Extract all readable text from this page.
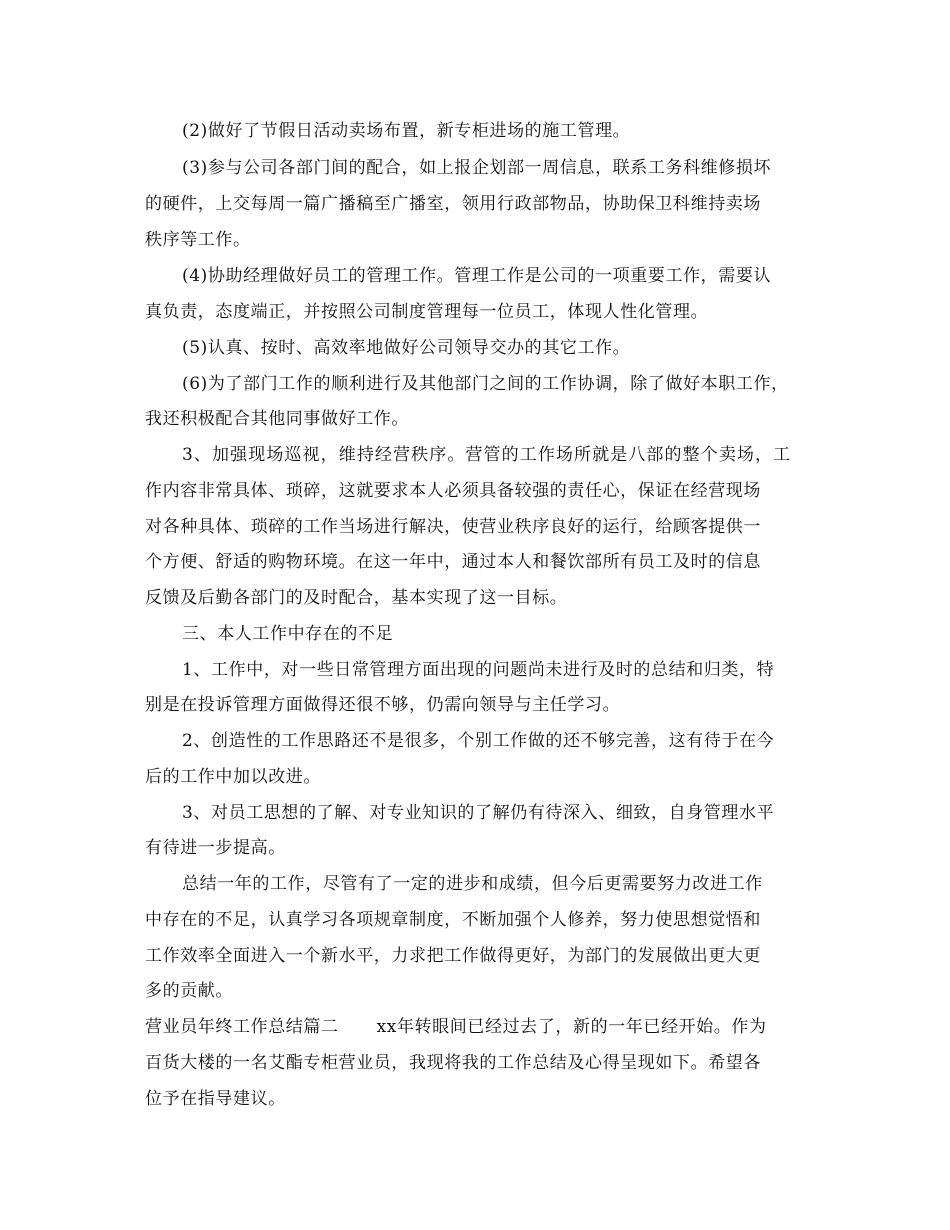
(2)做好了节假日活动卖场布置，新专柜进场的施工管理。
(3)参与公司各部门间的配合，如上报企划部一周信息，联系工务科维修损坏
的硬件，上交每周一篇广播稿至广播室，领用行政部物品，协助保卫科维持卖场
秩序等工作。
(4)协助经理做好员工的管理工作。管理工作是公司的一项重要工作，需要认
真负责，态度端正，并按照公司制度管理每一位员工，体现人性化管理。
(5)认真、按时、高效率地做好公司领导交办的其它工作。
(6)为了部门工作的顺利进行及其他部门之间的工作协调，除了做好本职工作，
我还积极配合其他同事做好工作。
3、加强现场巡视，维持经营秩序。营管的工作场所就是八部的整个卖场，工
作内容非常具体、琐碎，这就要求本人必须具备较强的责任心，保证在经营现场
对各种具体、琐碎的工作当场进行解决，使营业秩序良好的运行，给顾客提供一
个方便、舒适的购物环境。在这一年中，通过本人和餐饮部所有员工及时的信息
反馈及后勤各部门的及时配合，基本实现了这一目标。
三、本人工作中存在的不足
1、工作中，对一些日常管理方面出现的问题尚未进行及时的总结和归类，特
别是在投诉管理方面做得还很不够，仍需向领导与主任学习。
2、创造性的工作思路还不是很多，个别工作做的还不够完善，这有待于在今
后的工作中加以改进。
3、对员工思想的了解、对专业知识的了解仍有待深入、细致，自身管理水平
有待进一步提高。
总结一年的工作，尽管有了一定的进步和成绩，但今后更需要努力改进工作
中存在的不足，认真学习各项规章制度，不断加强个人修养，努力使思想觉悟和
工作效率全面进入一个新水平，力求把工作做得更好，为部门的发展做出更大更
多的贡献。
营业员年终工作总结篇二 xx年转眼间已经过去了，新的一年已经开始。作为
百货大楼的一名艾酯专柜营业员，我现将我的工作总结及心得呈现如下。希望各
位予在指导建议。
